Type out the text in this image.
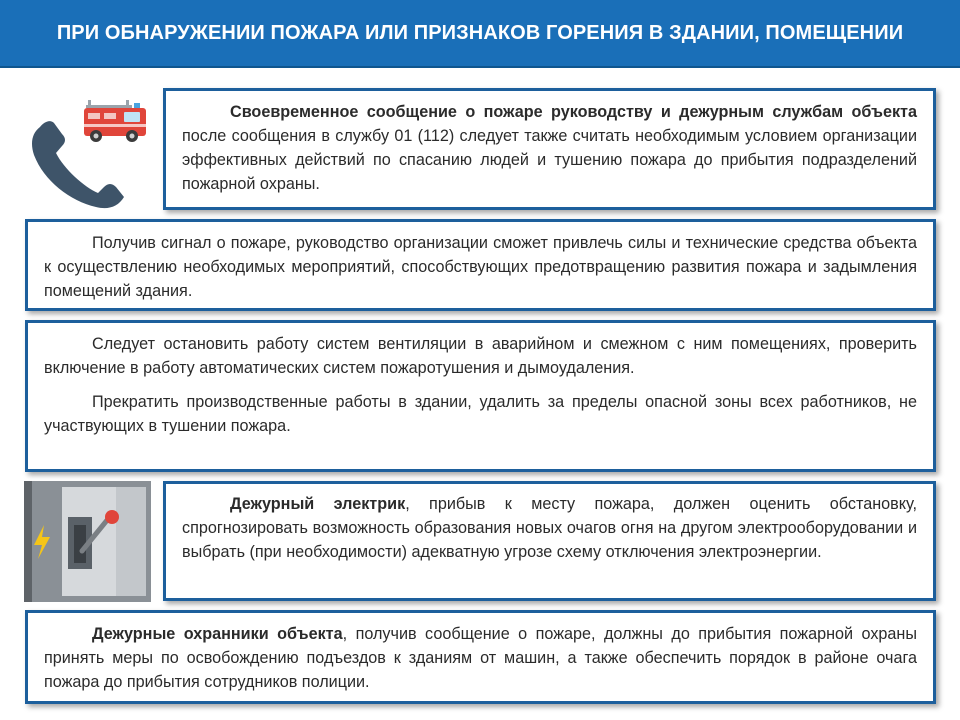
ПРИ ОБНАРУЖЕНИИ ПОЖАРА ИЛИ ПРИЗНАКОВ ГОРЕНИЯ В ЗДАНИИ, ПОМЕЩЕНИИ

Своевременное сообщение о пожаре руководству и дежурным службам объекта после сообщения в службу 01 (112) следует также считать необходимым условием организации эффективных действий по спасанию людей и тушению пожара до прибытия подразделений пожарной охраны.

Получив сигнал о пожаре, руководство организации сможет привлечь силы и технические средства объекта к осуществлению необходимых мероприятий, способствующих предотвращению развития пожара и задымления помещений здания.

Следует остановить работу систем вентиляции в аварийном и смежном с ним помещениях, проверить включение в работу автоматических систем пожаротушения и дымоудаления.

Прекратить производственные работы в здании, удалить за пределы опасной зоны всех работников, не участвующих в тушении пожара.

Дежурный электрик, прибыв к месту пожара, должен оценить обстановку, спрогнозировать возможность образования новых очагов огня на другом электрооборудовании и выбрать (при необходимости) адекватную угрозе схему отключения электроэнергии.

Дежурные охранники объекта, получив сообщение о пожаре, должны до прибытия пожарной охраны принять меры по освобождению подъездов к зданиям от машин, а также обеспечить порядок в районе очага пожара до прибытия сотрудников полиции.
